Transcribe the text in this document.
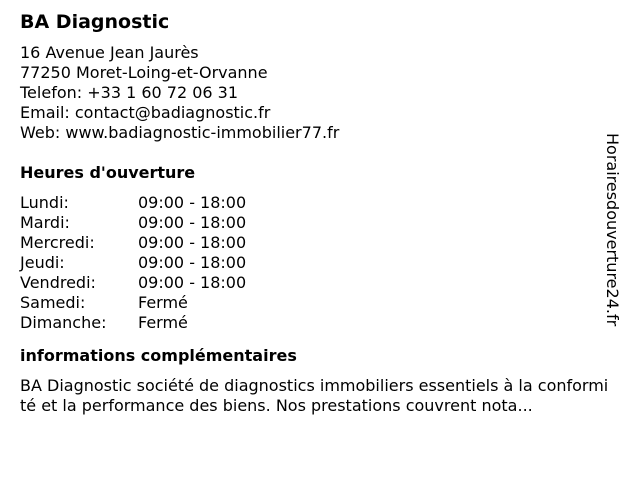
BA Diagnostic
16 Avenue Jean Jaurès
77250 Moret-Loing-et-Orvanne
Telefon: +33 1 60 72 06 31
Email: contact@badiagnostic.fr
Web: www.badiagnostic-immobilier77.fr
Heures d'ouverture
Lundi:	09:00 - 18:00
Mardi:	09:00 - 18:00
Mercredi:	09:00 - 18:00
Jeudi:	09:00 - 18:00
Vendredi:	09:00 - 18:00
Samedi:	Fermé
Dimanche: Fermé
informations complémentaires
BA Diagnostic société de diagnostics immobiliers essentiels à la conformité et la performance des biens. Nos prestations couvrent nota...
Horairesdouverture24.fr
